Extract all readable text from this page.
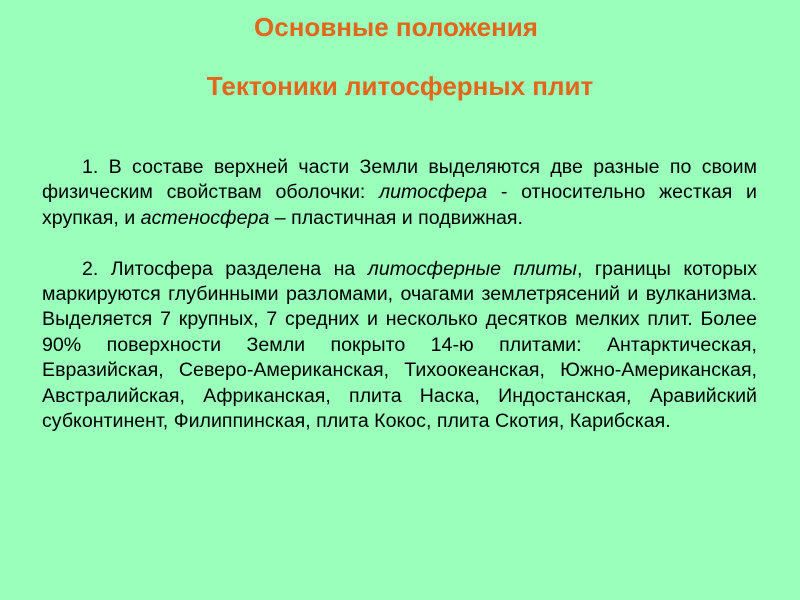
Основные положения
Тектоники литосферных плит

1. В составе верхней части Земли выделяются две разные по своим физическим свойствам оболочки: литосфера - относительно жесткая и хрупкая, и астеносфера – пластичная и подвижная.

2. Литосфера разделена на литосферные плиты, границы которых маркируются глубинными разломами, очагами землетрясений и вулканизма. Выделяется 7 крупных, 7 средних и несколько десятков мелких плит. Более 90% поверхности Земли покрыто 14-ю плитами: Антарктическая, Евразийская, Северо-Американская, Тихоокеанская, Южно-Американская, Австралийская, Африканская, плита Наска, Индостанская, Аравийский субконтинент, Филиппинская, плита Кокос, плита Скотия, Карибская.
